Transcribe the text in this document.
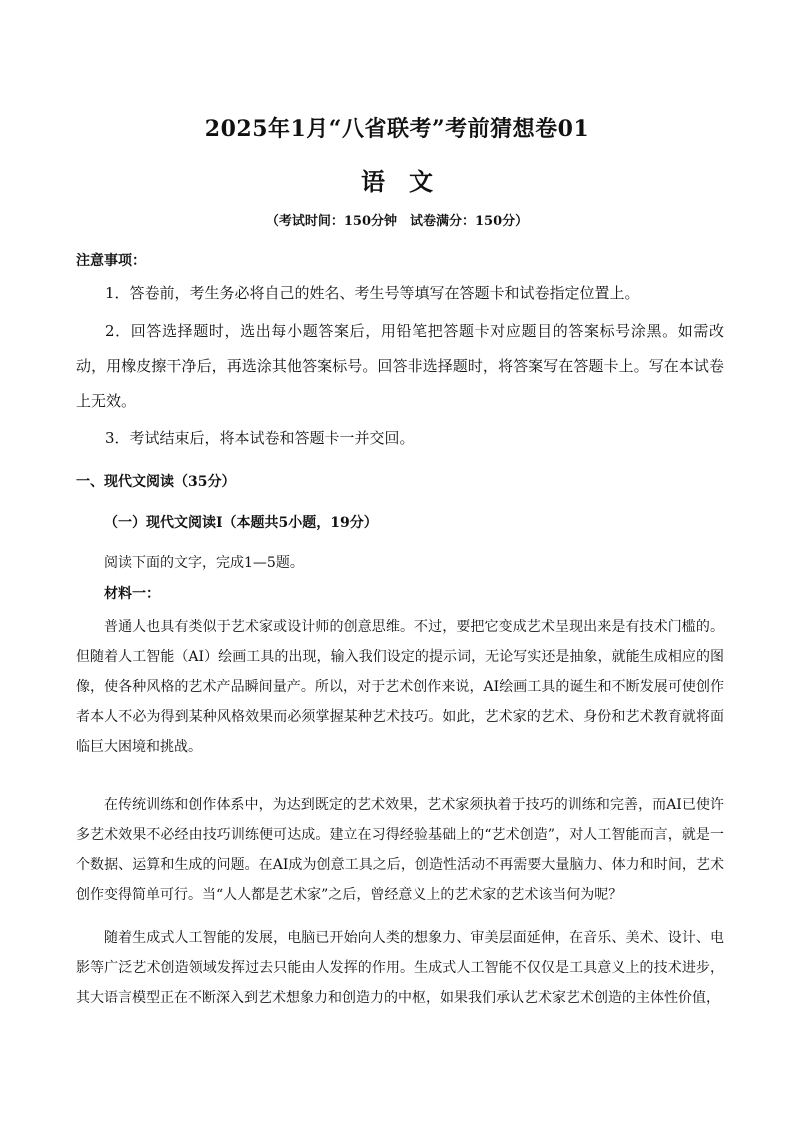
2025年1月“八省联考”考前猜想卷01
语文
（考试时间：150分钟　试卷满分：150分）
注意事项：
1．答卷前，考生务必将自己的姓名、考生号等填写在答题卡和试卷指定位置上。
2．回答选择题时，选出每小题答案后，用铅笔把答题卡对应题目的答案标号涂黑。如需改动，用橡皮擦干净后，再选涂其他答案标号。回答非选择题时，将答案写在答题卡上。写在本试卷上无效。
3．考试结束后，将本试卷和答题卡一并交回。
一、现代文阅读（35分）
（一）现代文阅读Ⅰ（本题共5小题，19分）
阅读下面的文字，完成1—5题。
材料一：
普通人也具有类似于艺术家或设计师的创意思维。不过，要把它变成艺术呈现出来是有技术门槛的。但随着人工智能（AI）绘画工具的出现，输入我们设定的提示词，无论写实还是抽象，就能生成相应的图像，使各种风格的艺术产品瞬间量产。所以，对于艺术创作来说，AI绘画工具的诞生和不断发展可使创作者本人不必为得到某种风格效果而必须掌握某种艺术技巧。如此，艺术家的艺术、身份和艺术教育就将面临巨大困境和挑战。
在传统训练和创作体系中，为达到既定的艺术效果，艺术家须执着于技巧的训练和完善，而AI已使许多艺术效果不必经由技巧训练便可达成。建立在习得经验基础上的“艺术创造”，对人工智能而言，就是一个数据、运算和生成的问题。在AI成为创意工具之后，创造性活动不再需要大量脑力、体力和时间，艺术创作变得简单可行。当“人人都是艺术家”之后，曾经意义上的艺术家的艺术该当何为呢？
随着生成式人工智能的发展，电脑已开始向人类的想象力、审美层面延伸，在音乐、美术、设计、电影等广泛艺术创造领域发挥过去只能由人发挥的作用。生成式人工智能不仅仅是工具意义上的技术进步，其大语言模型正在不断深入到艺术想象力和创造力的中枢，如果我们承认艺术家艺术创造的主体性价值，
